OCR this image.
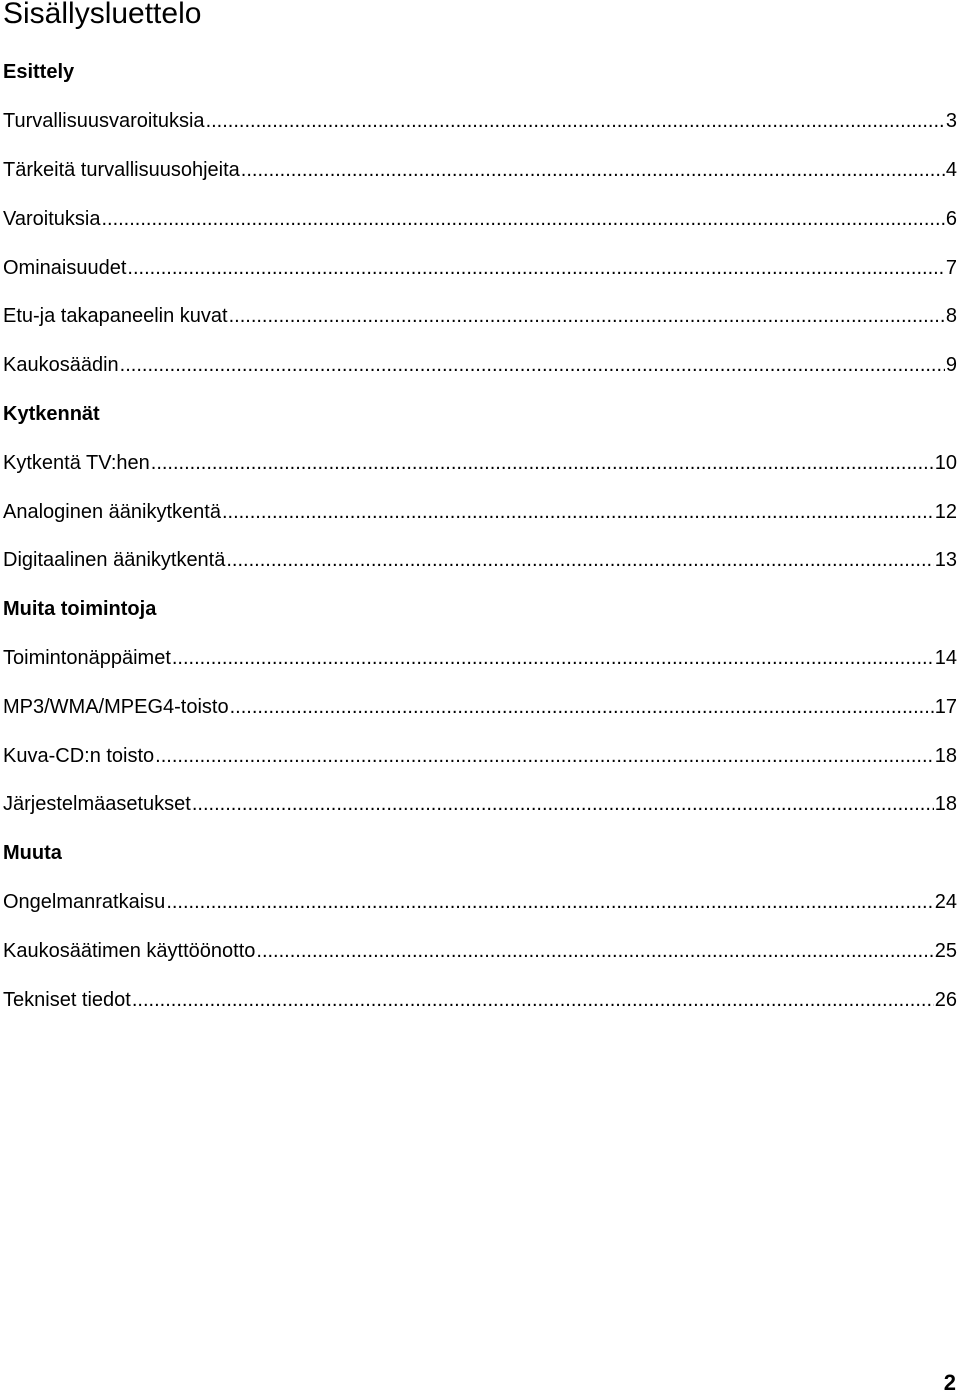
Sisällysluettelo
Esittely
Turvallisuusvaroituksia .....	3
Tärkeitä turvallisuusohjeita .....	4
Varoituksia .....	6
Ominaisuudet .....	7
Etu-ja takapaneelin kuvat .....	8
Kaukosäädin .....	9
Kytkennät
Kytkentä TV:hen .....	10
Analoginen äänikytkentä .....	12
Digitaalinen äänikytkentä .....	13
Muita toimintoja
Toimintonäppäimet .....	14
MP3/WMA/MPEG4-toisto .....	17
Kuva-CD:n toisto .....	18
Järjestelmäasetukset .....	18
Muuta
Ongelmanratkaisu .....	24
Kaukosäätimen käyttöönotto .....	25
Tekniset tiedot .....	26
2
